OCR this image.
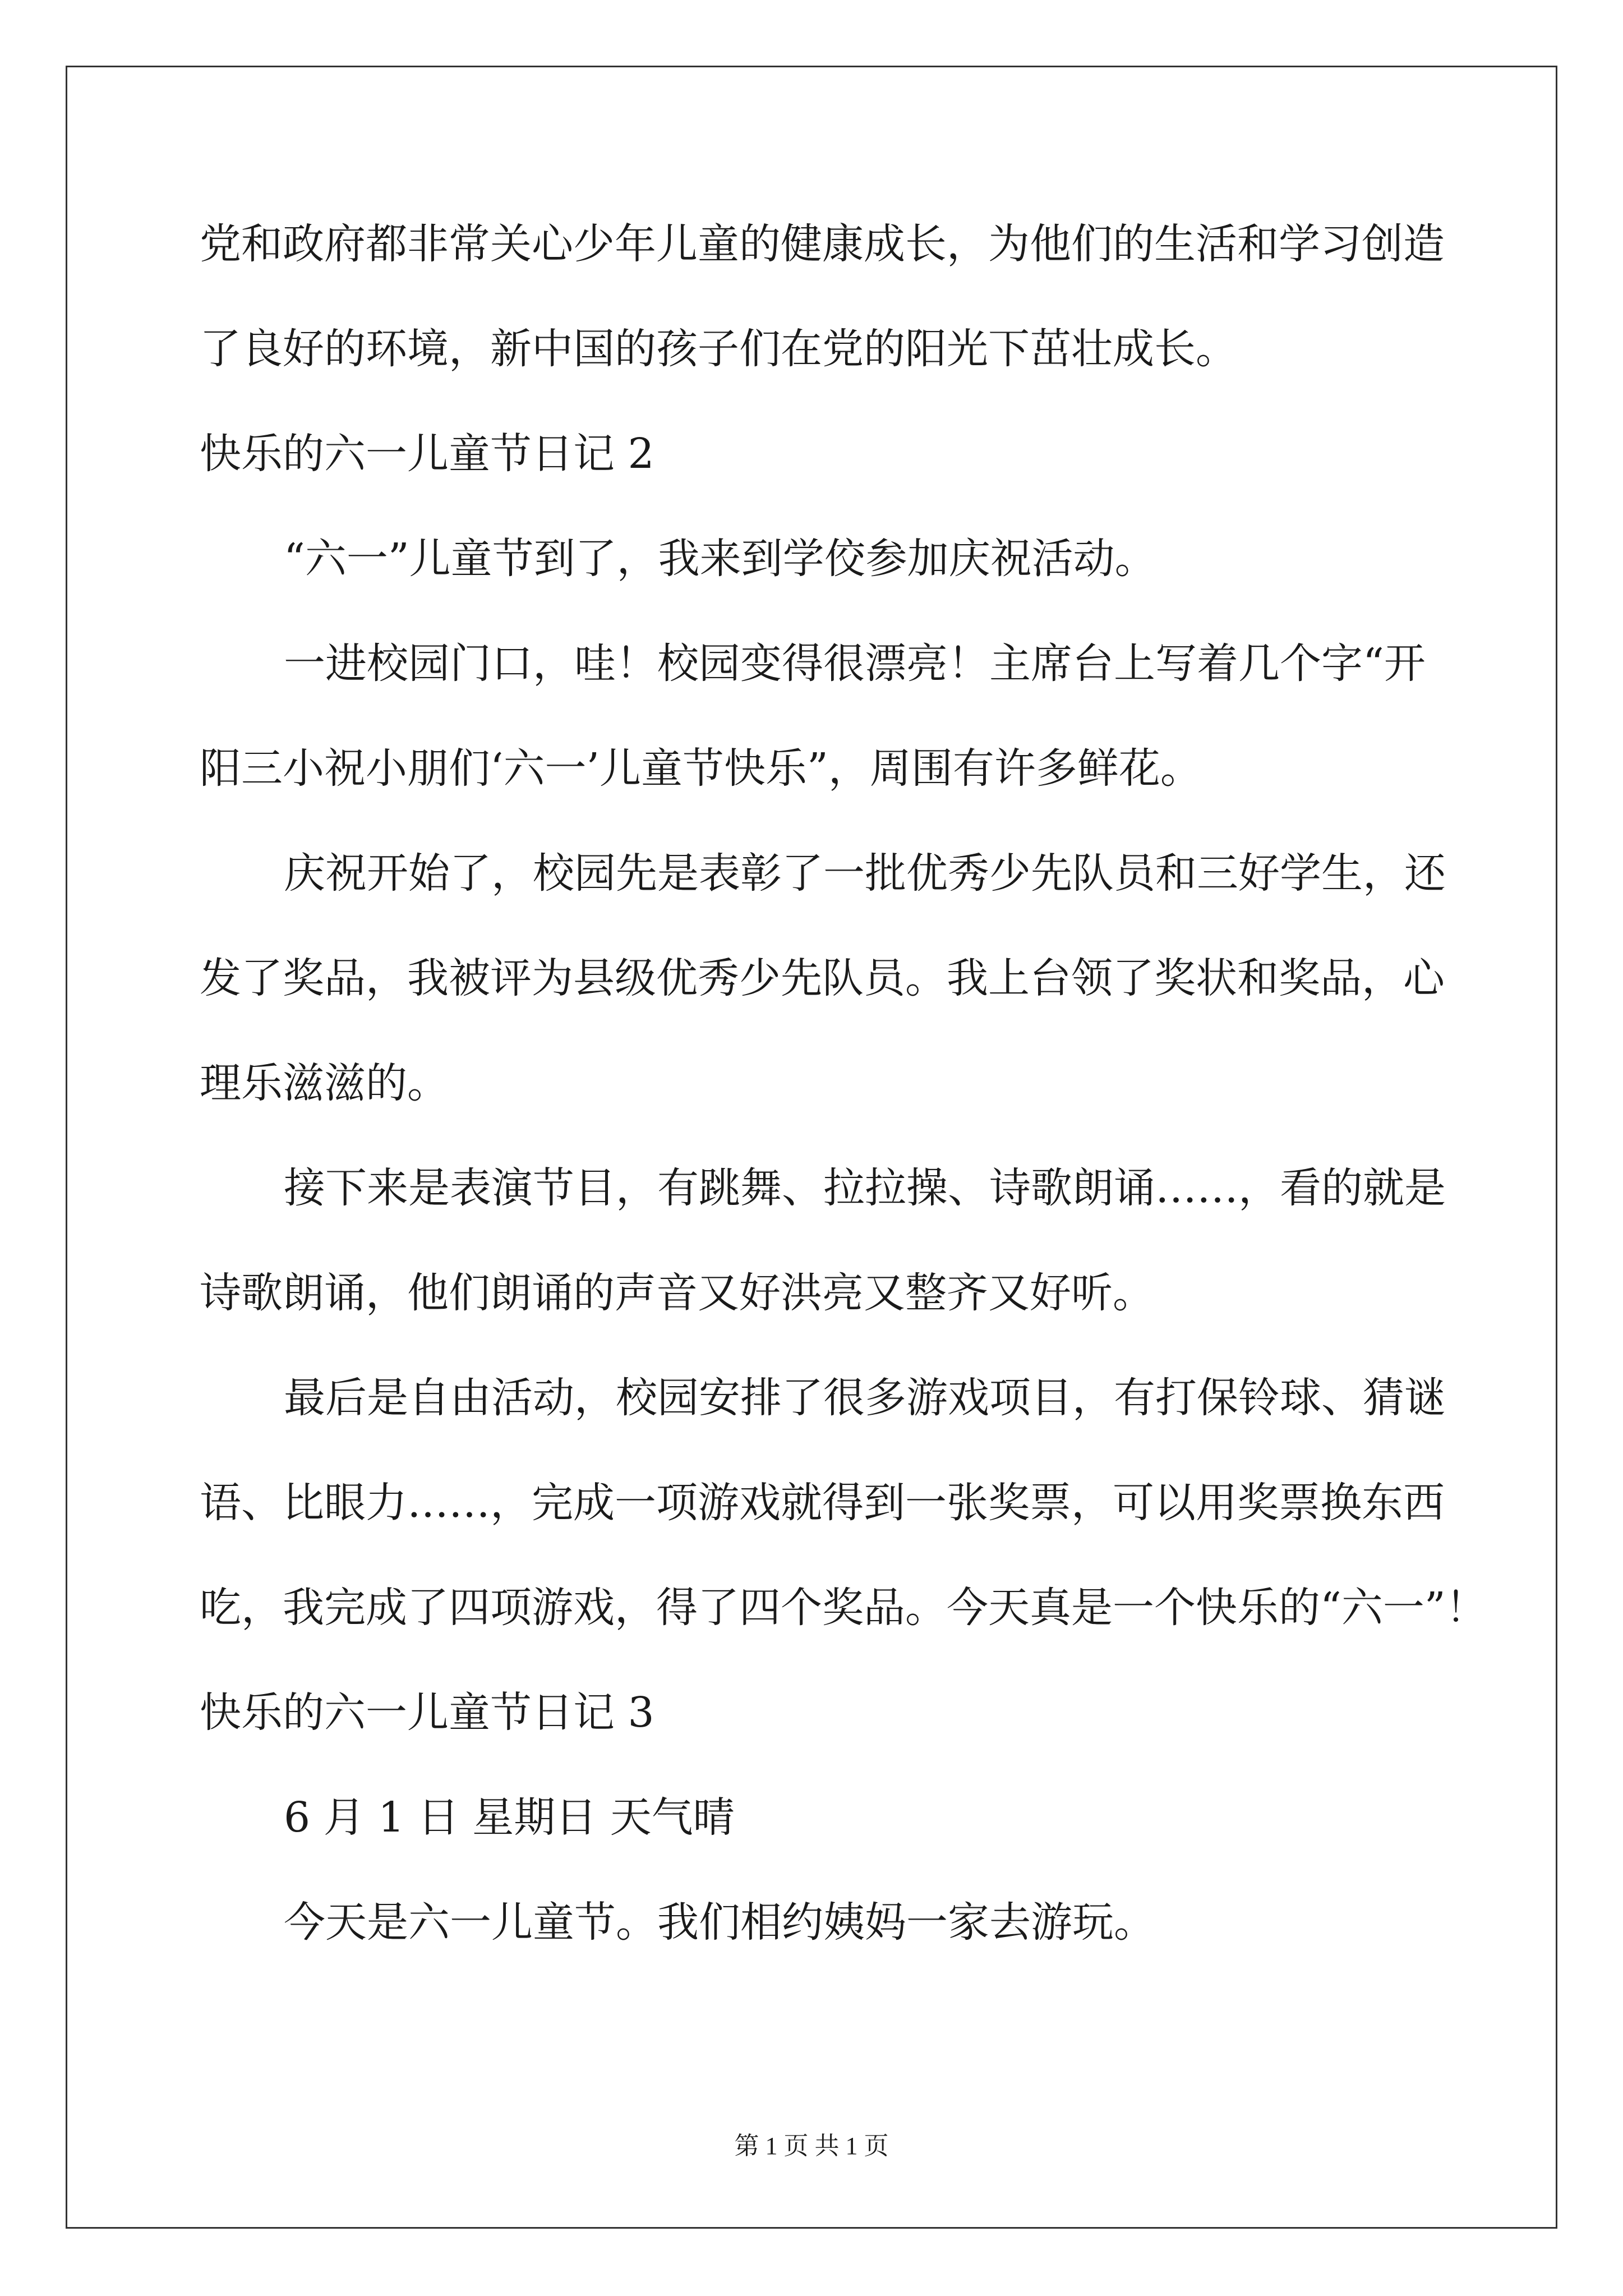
党和政府都非常关心少年儿童的健康成长，为他们的生活和学习创造
了良好的环境，新中国的孩子们在党的阳光下茁壮成长。
快乐的六一儿童节日记 2
“六一”儿童节到了，我来到学佼参加庆祝活动。
一进校园门口，哇！校园变得很漂亮！主席台上写着几个字“开
阳三小祝小朋们‘六一’儿童节快乐”，周围有许多鲜花。
庆祝开始了，校园先是表彰了一批优秀少先队员和三好学生，还
发了奖品，我被评为县级优秀少先队员。我上台领了奖状和奖品，心
理乐滋滋的。
接下来是表演节目，有跳舞、拉拉操、诗歌朗诵……，看的就是
诗歌朗诵，他们朗诵的声音又好洪亮又整齐又好听。
最后是自由活动，校园安排了很多游戏项目，有打保铃球、猜谜
语、比眼力……，完成一项游戏就得到一张奖票，可以用奖票换东西
吃，我完成了四项游戏，得了四个奖品。今天真是一个快乐的“六一”！
快乐的六一儿童节日记 3
6 月 1 日 星期日 天气晴
今天是六一儿童节。我们相约姨妈一家去游玩。
第 1 页 共 1 页
